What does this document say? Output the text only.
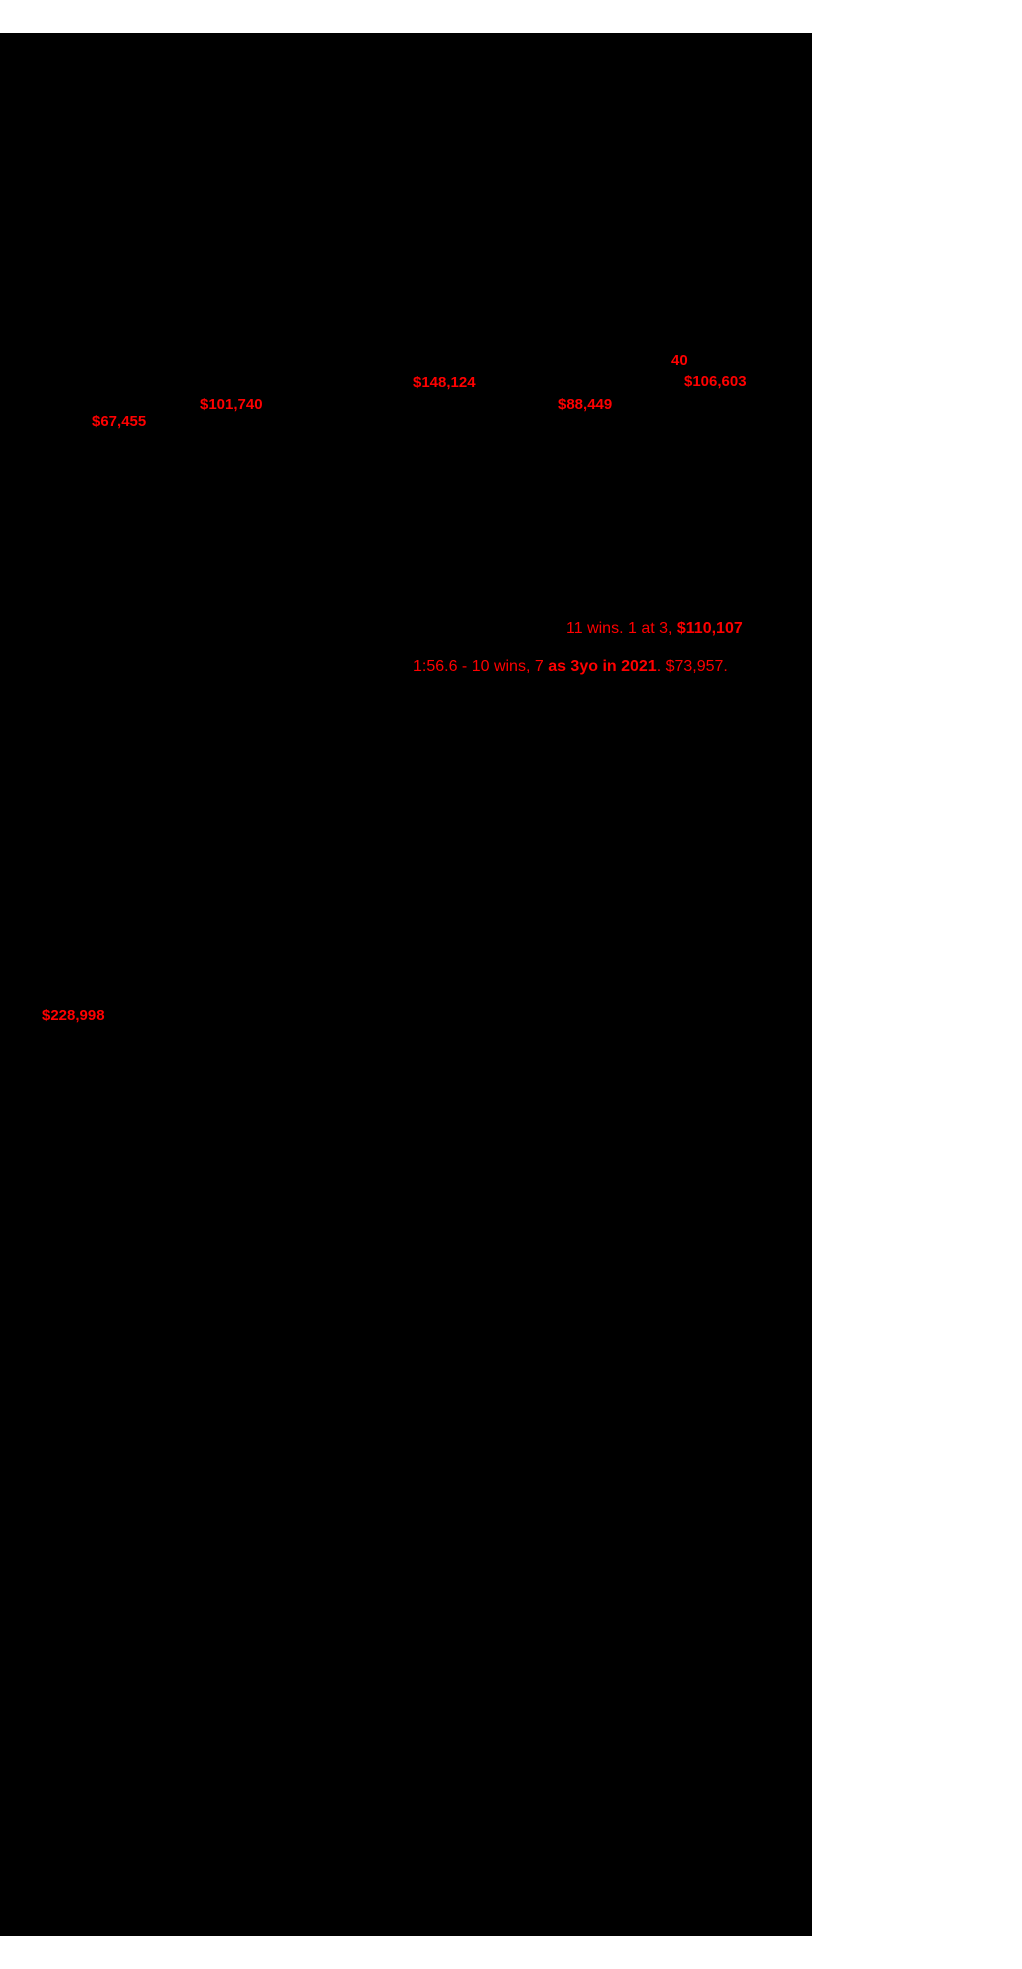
$67,455
$101,740
$148,124
$88,449
40
$106,603
$228,998
11 wins. 1 at 3, $110,107
1:56.6 - 10 wins, 7 as 3yo in 2021. $73,957.
